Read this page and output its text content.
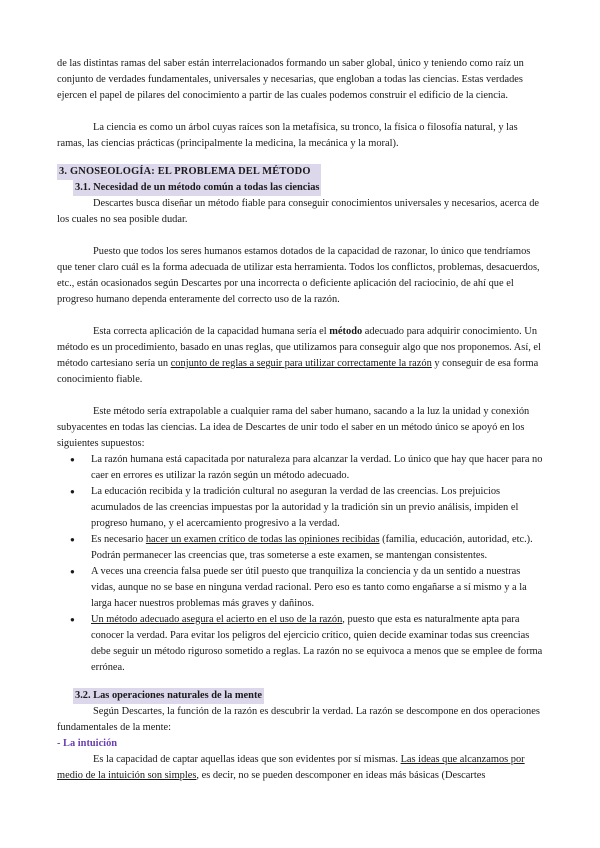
de las distintas ramas del saber están interrelacionados formando un saber global, único y teniendo como raíz un conjunto de verdades fundamentales, universales y necesarias, que engloban a todas las ciencias. Estas verdades ejercen el papel de pilares del conocimiento a partir de las cuales podemos construir el edificio de la ciencia.

La ciencia es como un árbol cuyas raíces son la metafísica, su tronco, la física o filosofía natural, y las ramas, las ciencias prácticas (principalmente la medicina, la mecánica y la moral).

3. GNOSEOLOGÍA: EL PROBLEMA DEL MÉTODO
3.1. Necesidad de un método común a todas las ciencias

Descartes busca diseñar un método fiable para conseguir conocimientos universales y necesarios, acerca de los cuales no sea posible dudar.

Puesto que todos los seres humanos estamos dotados de la capacidad de razonar, lo único que tendríamos que tener claro cuál es la forma adecuada de utilizar esta herramienta. Todos los conflictos, problemas, desacuerdos, etc., están ocasionados según Descartes por una incorrecta o deficiente aplicación del raciocinio, de ahí que el progreso humano dependa enteramente del correcto uso de la razón.

Esta correcta aplicación de la capacidad humana sería el método adecuado para adquirir conocimiento. Un método es un procedimiento, basado en unas reglas, que utilizamos para conseguir algo que nos proponemos. Así, el método cartesiano sería un conjunto de reglas a seguir para utilizar correctamente la razón y conseguir de esa forma conocimiento fiable.

Este método sería extrapolable a cualquier rama del saber humano, sacando a la luz la unidad y conexión subyacentes en todas las ciencias. La idea de Descartes de unir todo el saber en un método único se apoyó en los siguientes supuestos:

● La razón humana está capacitada por naturaleza para alcanzar la verdad. Lo único que hay que hacer para no caer en errores es utilizar la razón según un método adecuado.
● La educación recibida y la tradición cultural no aseguran la verdad de las creencias. Los prejuicios acumulados de las creencias impuestas por la autoridad y la tradición sin un previo análisis, impiden el progreso humano, y el acercamiento progresivo a la verdad.
● Es necesario hacer un examen crítico de todas las opiniones recibidas (familia, educación, autoridad, etc.). Podrán permanecer las creencias que, tras someterse a este examen, se mantengan consistentes.
● A veces una creencia falsa puede ser útil puesto que tranquiliza la conciencia y da un sentido a nuestras vidas, aunque no se base en ninguna verdad racional. Pero eso es tanto como engañarse a sí mismo y a la larga hacer nuestros problemas más graves y dañinos.
● Un método adecuado asegura el acierto en el uso de la razón, puesto que esta es naturalmente apta para conocer la verdad. Para evitar los peligros del ejercicio crítico, quien decide examinar todas sus creencias debe seguir un método riguroso sometido a reglas. La razón no se equivoca a menos que se emplee de forma errónea.
3.2. Las operaciones naturales de la mente

Según Descartes, la función de la razón es descubrir la verdad. La razón se descompone en dos operaciones fundamentales de la mente:

- La intuición

Es la capacidad de captar aquellas ideas que son evidentes por sí mismas. Las ideas que alcanzamos por medio de la intuición son simples, es decir, no se pueden descomponer en ideas más básicas (Descartes
